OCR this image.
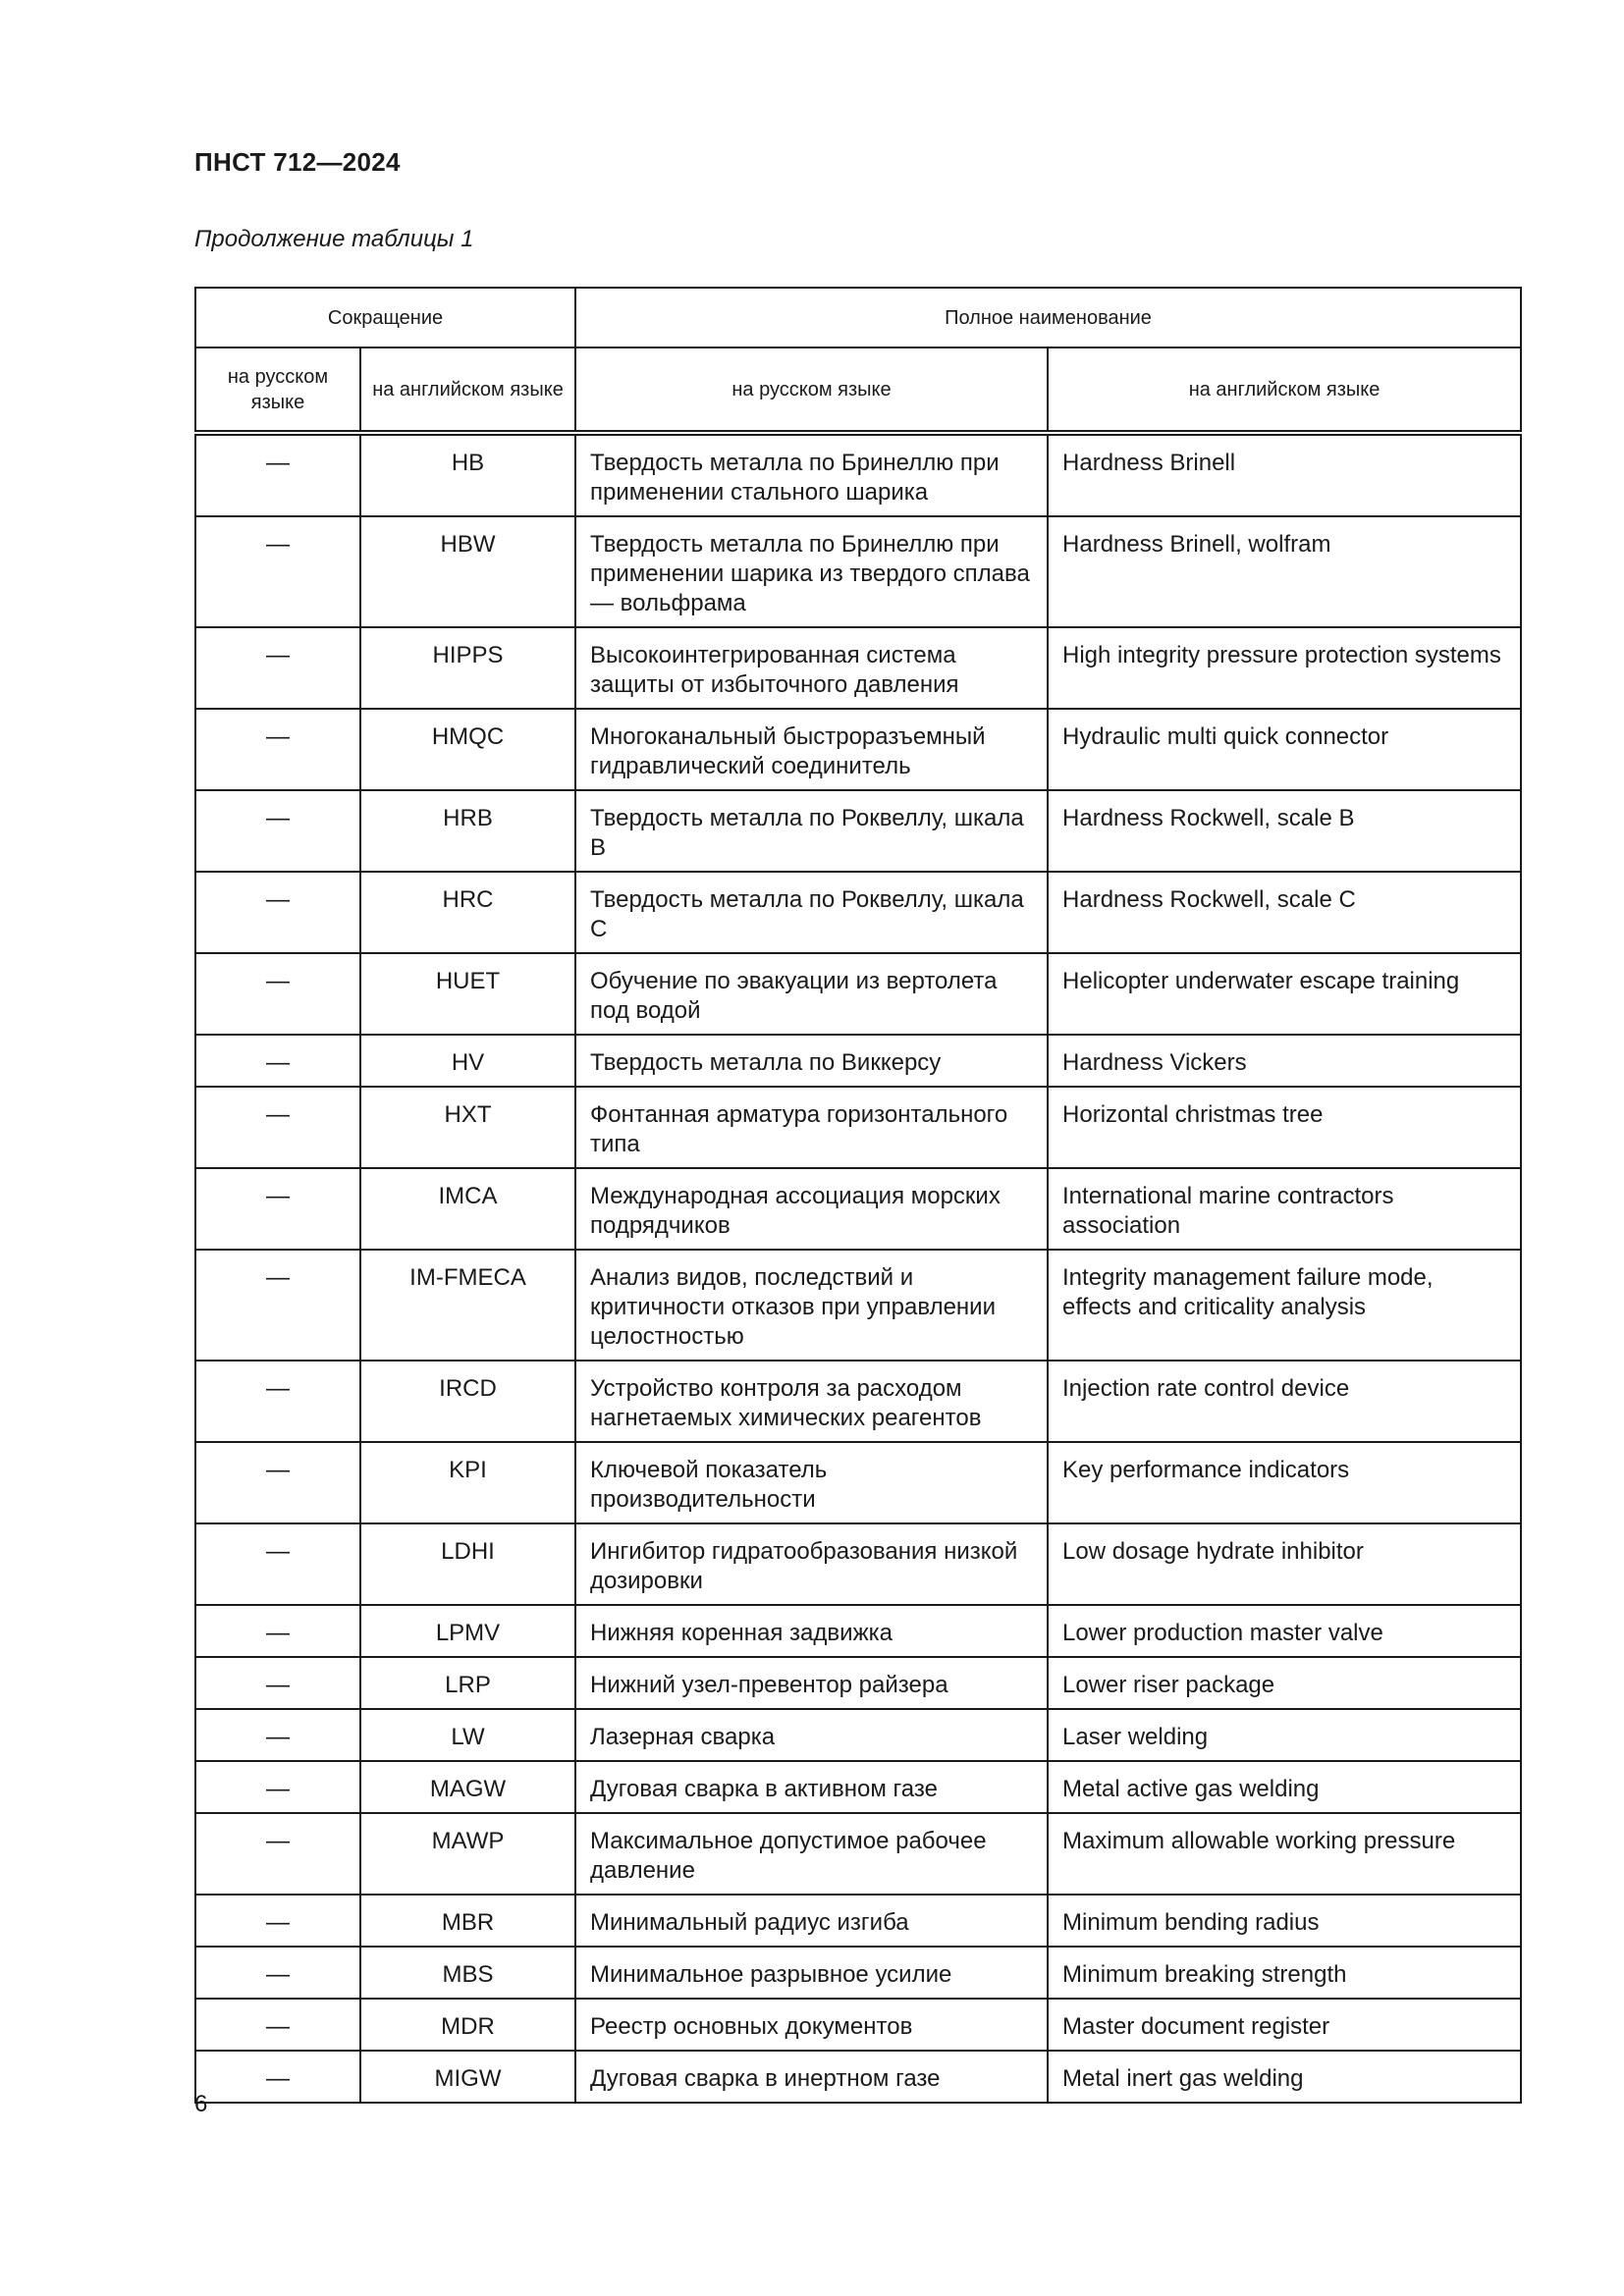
ПНСТ 712—2024
Продолжение таблицы 1
Сокращение		Полное наименование	
на русском языке	на английском языке	на русском языке	на английском языке
—	HB	Твердость металла по Бринеллю при применении стального шарика	Hardness Brinell
—	HBW	Твердость металла по Бринеллю при применении шарика из твердого сплава — вольфрама	Hardness Brinell, wolfram
—	HIPPS	Высокоинтегрированная система защиты от избыточного давления	High integrity pressure protection systems
—	HMQC	Многоканальный быстроразъемный гидравлический соединитель	Hydraulic multi quick connector
—	HRB	Твердость металла по Роквеллу, шкала В	Hardness Rockwell, scale B
—	HRC	Твердость металла по Роквеллу, шкала С	Hardness Rockwell, scale C
—	HUET	Обучение по эвакуации из вертолета под водой	Helicopter underwater escape training
—	HV	Твердость металла по Виккерсу	Hardness Vickers
—	HXT	Фонтанная арматура горизонтального типа	Horizontal christmas tree
—	IMCA	Международная ассоциация морских подрядчиков	International marine contractors association
—	IM-FMECA	Анализ видов, последствий и критичности отказов при управлении целостностью	Integrity management failure mode, effects and criticality analysis
—	IRCD	Устройство контроля за расходом нагнетаемых химических реагентов	Injection rate control device
—	KPI	Ключевой показатель производительности	Key performance indicators
—	LDHI	Ингибитор гидратообразования низкой дозировки	Low dosage hydrate inhibitor
—	LPMV	Нижняя коренная задвижка	Lower production master valve
—	LRP	Нижний узел-превентор райзера	Lower riser package
—	LW	Лазерная сварка	Laser welding
—	MAGW	Дуговая сварка в активном газе	Metal active gas welding
—	MAWP	Максимальное допустимое рабочее давление	Maximum allowable working pressure
—	MBR	Минимальный радиус изгиба	Minimum bending radius
—	MBS	Минимальное разрывное усилие	Minimum breaking strength
—	MDR	Реестр основных документов	Master document register
—	MIGW	Дуговая сварка в инертном газе	Metal inert gas welding
6
